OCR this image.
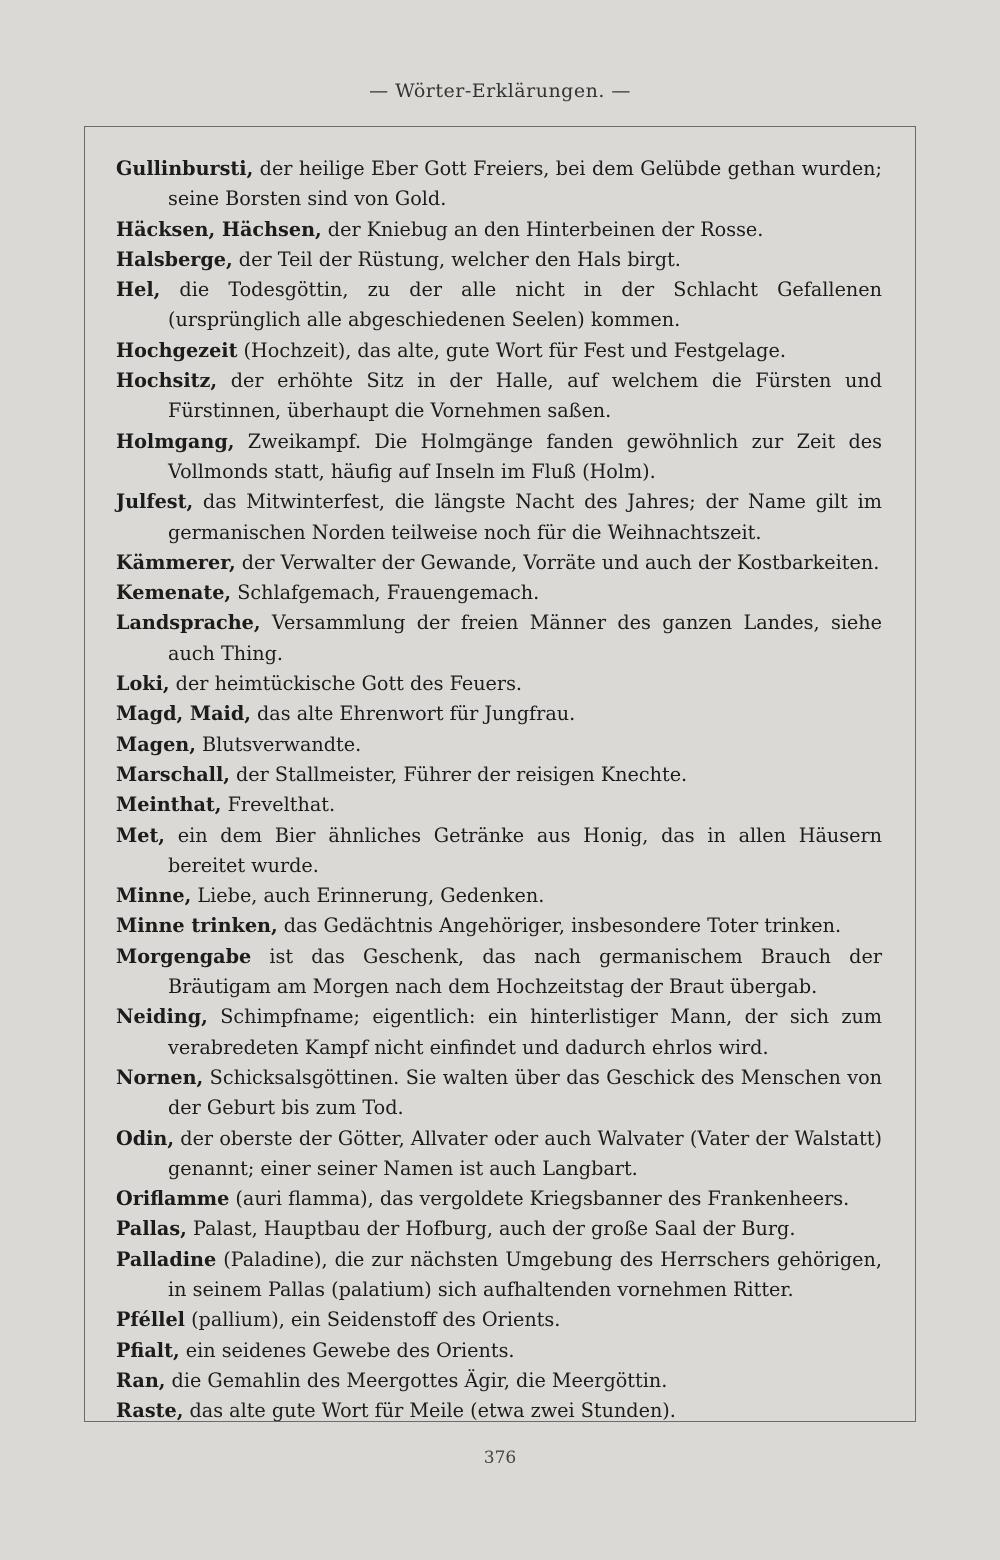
— Wörter-Erklärungen. —
Gullinbursti, der heilige Eber Gott Freiers, bei dem Gelübde gethan wurden; seine Borsten sind von Gold.
Häcksen, Hächsen, der Kniebug an den Hinterbeinen der Rosse.
Halsberge, der Teil der Rüstung, welcher den Hals birgt.
Hel, die Todesgöttin, zu der alle nicht in der Schlacht Gefallenen (ursprünglich alle abgeschiedenen Seelen) kommen.
Hochgezeit (Hochzeit), das alte, gute Wort für Fest und Festgelage.
Hochsitz, der erhöhte Sitz in der Halle, auf welchem die Fürsten und Fürstinnen, überhaupt die Vornehmen saßen.
Holmgang, Zweikampf. Die Holmgänge fanden gewöhnlich zur Zeit des Vollmonds statt, häufig auf Inseln im Fluß (Holm).
Julfest, das Mitwinterfest, die längste Nacht des Jahres; der Name gilt im germanischen Norden teilweise noch für die Weihnachtszeit.
Kämmerer, der Verwalter der Gewande, Vorräte und auch der Kostbarkeiten.
Kemenate, Schlafgemach, Frauengemach.
Landsprache, Versammlung der freien Männer des ganzen Landes, siehe auch Thing.
Loki, der heimtückische Gott des Feuers.
Magd, Maid, das alte Ehrenwort für Jungfrau.
Magen, Blutsverwandte.
Marschall, der Stallmeister, Führer der reisigen Knechte.
Meinthat, Frevelthat.
Met, ein dem Bier ähnliches Getränke aus Honig, das in allen Häusern bereitet wurde.
Minne, Liebe, auch Erinnerung, Gedenken.
Minne trinken, das Gedächtnis Angehöriger, insbesondere Toter trinken.
Morgengabe ist das Geschenk, das nach germanischem Brauch der Bräutigam am Morgen nach dem Hochzeitstag der Braut übergab.
Neiding, Schimpfname; eigentlich: ein hinterlistiger Mann, der sich zum verabredeten Kampf nicht einfindet und dadurch ehrlos wird.
Nornen, Schicksalsgöttinen. Sie walten über das Geschick des Menschen von der Geburt bis zum Tod.
Odin, der oberste der Götter, Allvater oder auch Walvater (Vater der Walstatt) genannt; einer seiner Namen ist auch Langbart.
Oriflamme (auri flamma), das vergoldete Kriegsbanner des Frankenheers.
Pallas, Palast, Hauptbau der Hofburg, auch der große Saal der Burg.
Palladine (Paladine), die zur nächsten Umgebung des Herrschers gehörigen, in seinem Pallas (palatium) sich aufhaltenden vornehmen Ritter.
Pféllel (pallium), ein Seidenstoff des Orients.
Pfialt, ein seidenes Gewebe des Orients.
Ran, die Gemahlin des Meergottes Ägir, die Meergöttin.
Raste, das alte gute Wort für Meile (etwa zwei Stunden).
376
